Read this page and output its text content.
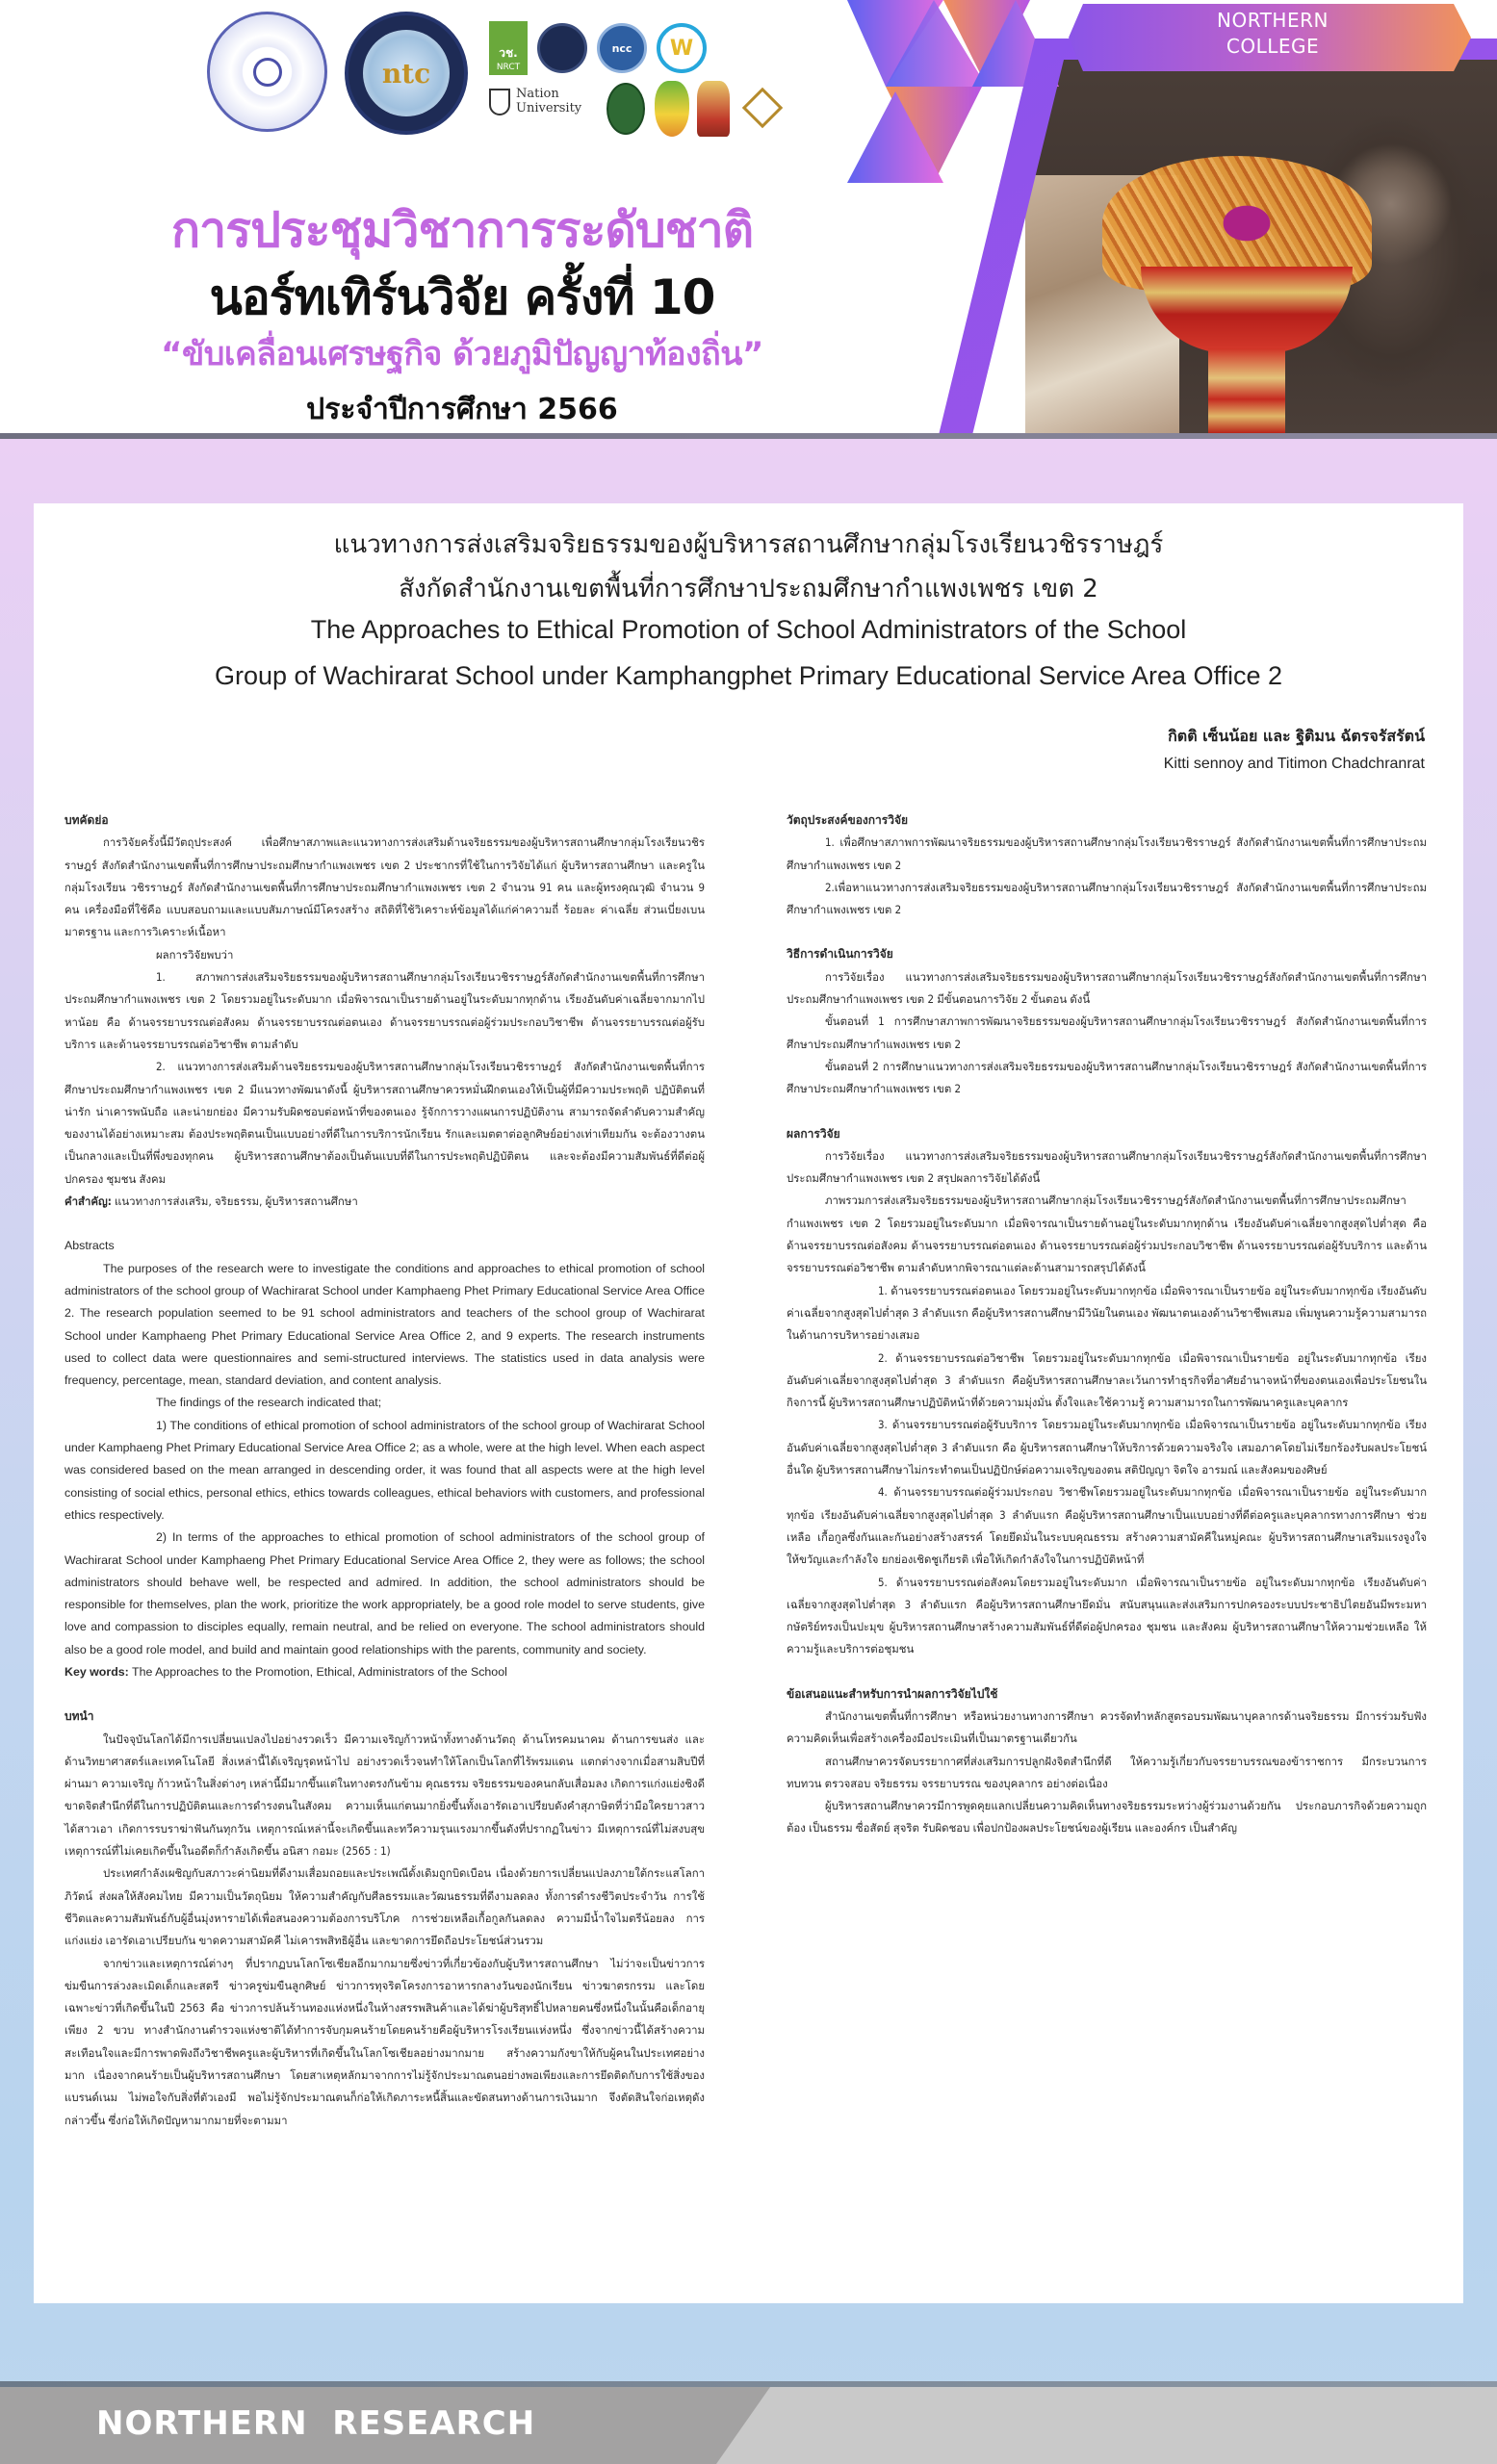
ntc
วช.
NRCT
ncc W
Nation
University
การประชุมวิชาการระดับชาติ
นอร์ทเทิร์นวิจัย ครั้งที่ 10
“ขับเคลื่อนเศรษฐกิจ ด้วยภูมิปัญญาท้องถิ่น”
ประจำปีการศึกษา 2566
NORTHERN
COLLEGE
แนวทางการส่งเสริมจริยธรรมของผู้บริหารสถานศึกษากลุ่มโรงเรียนวชิรราษฎร์
สังกัดสำนักงานเขตพื้นที่การศึกษาประถมศึกษากำแพงเพชร เขต 2
The Approaches to Ethical Promotion of School Administrators of the School
Group of Wachirarat School under Kamphangphet Primary Educational Service Area Office 2
กิตติ เซ็นน้อย และ ฐิติมน ฉัตรจรัสรัตน์
Kitti sennoy and Titimon Chadchranrat
บทคัดย่อ
การวิจัยครั้งนี้มีวัตถุประสงค์ เพื่อศึกษาสภาพและแนวทางการส่งเสริมด้านจริยธรรมของผู้บริหารสถานศึกษากลุ่มโรงเรียนวชิรราษฎร์ สังกัดสำนักงานเขตพื้นที่การศึกษาประถมศึกษากำแพงเพชร เขต 2 ประชากรที่ใช้ในการวิจัยได้แก่ ผู้บริหารสถานศึกษา และครูในกลุ่มโรงเรียน วชิรราษฎร์ สังกัดสำนักงานเขตพื้นที่การศึกษาประถมศึกษากำแพงเพชร เขต 2 จำนวน 91 คน และผู้ทรงคุณวุฒิ จำนวน 9 คน เครื่องมือที่ใช้คือ แบบสอบถามและแบบสัมภาษณ์มีโครงสร้าง สถิติที่ใช้วิเคราะห์ข้อมูลได้แก่ค่าความถี่ ร้อยละ ค่าเฉลี่ย ส่วนเบี่ยงเบนมาตรฐาน และการวิเคราะห์เนื้อหา
ผลการวิจัยพบว่า
1. สภาพการส่งเสริมจริยธรรมของผู้บริหารสถานศึกษากลุ่มโรงเรียนวชิรราษฎร์สังกัดสำนักงานเขตพื้นที่การศึกษาประถมศึกษากำแพงเพชร เขต 2 โดยรวมอยู่ในระดับมาก เมื่อพิจารณาเป็นรายด้านอยู่ในระดับมากทุกด้าน เรียงอันดับค่าเฉลี่ยจากมากไปหาน้อย คือ ด้านจรรยาบรรณต่อสังคม ด้านจรรยาบรรณต่อตนเอง ด้านจรรยาบรรณต่อผู้ร่วมประกอบวิชาชีพ ด้านจรรยาบรรณต่อผู้รับบริการ และด้านจรรยาบรรณต่อวิชาชีพ ตามลำดับ
2. แนวทางการส่งเสริมด้านจริยธรรมของผู้บริหารสถานศึกษากลุ่มโรงเรียนวชิรราษฎร์ สังกัดสำนักงานเขตพื้นที่การศึกษาประถมศึกษากำแพงเพชร เขต 2 มีแนวทางพัฒนาดังนี้ ผู้บริหารสถานศึกษาควรหมั่นฝึกตนเองให้เป็นผู้ที่มีความประพฤติ ปฏิบัติตนที่น่ารัก น่าเคารพนับถือ และน่ายกย่อง มีความรับผิดชอบต่อหน้าที่ของตนเอง รู้จักการวางแผนการปฏิบัติงาน สามารถจัดลำดับความสำคัญของงานได้อย่างเหมาะสม ต้องประพฤติตนเป็นแบบอย่างที่ดีในการบริการนักเรียน รักและเมตตาต่อลูกศิษย์อย่างเท่าเทียมกัน จะต้องวางตนเป็นกลางและเป็นที่พึ่งของทุกคน ผู้บริหารสถานศึกษาต้องเป็นต้นแบบที่ดีในการประพฤติปฏิบัติตน และจะต้องมีความสัมพันธ์ที่ดีต่อผู้ปกครอง ชุมชน สังคม
คำสำคัญ: แนวทางการส่งเสริม, จริยธรรม, ผู้บริหารสถานศึกษา
Abstracts
The purposes of the research were to investigate the conditions and approaches to ethical promotion of school administrators of the school group of Wachirarat School under Kamphaeng Phet Primary Educational Service Area Office 2. The research population seemed to be 91 school administrators and teachers of the school group of Wachirarat School under Kamphaeng Phet Primary Educational Service Area Office 2, and 9 experts. The research instruments used to collect data were questionnaires and semi-structured interviews. The statistics used in data analysis were frequency, percentage, mean, standard deviation, and content analysis.
The findings of the research indicated that;
1) The conditions of ethical promotion of school administrators of the school group of Wachirarat School under Kamphaeng Phet Primary Educational Service Area Office 2; as a whole, were at the high level. When each aspect was considered based on the mean arranged in descending order, it was found that all aspects were at the high level consisting of social ethics, personal ethics, ethics towards colleagues, ethical behaviors with customers, and professional ethics respectively.
2) In terms of the approaches to ethical promotion of school administrators of the school group of Wachirarat School under Kamphaeng Phet Primary Educational Service Area Office 2, they were as follows; the school administrators should behave well, be respected and admired. In addition, the school administrators should be responsible for themselves, plan the work, prioritize the work appropriately, be a good role model to serve students, give love and compassion to disciples equally, remain neutral, and be relied on everyone. The school administrators should also be a good role model, and build and maintain good relationships with the parents, community and society.
Key words: The Approaches to the Promotion, Ethical, Administrators of the School
บทนำ
ในปัจจุบันโลกได้มีการเปลี่ยนแปลงไปอย่างรวดเร็ว มีความเจริญก้าวหน้าทั้งทางด้านวัตถุ ด้านโทรคมนาคม ด้านการขนส่ง และด้านวิทยาศาสตร์และเทคโนโลยี สิ่งเหล่านี้ได้เจริญรุดหน้าไป อย่างรวดเร็วจนทำให้โลกเป็นโลกที่ไร้พรมแดน แตกต่างจากเมื่อสามสิบปีที่ผ่านมา ความเจริญ ก้าวหน้าในสิ่งต่างๆ เหล่านี้มีมากขึ้นแต่ในทางตรงกันข้าม คุณธรรม จริยธรรมของคนกลับเสื่อมลง เกิดการแก่งแย่งชิงดี ขาดจิตสำนึกที่ดีในการปฏิบัติตนและการดำรงตนในสังคม ความเห็นแก่ตนมากยิ่งขึ้นทั้งเอารัดเอาเปรียบดังคำสุภาษิตที่ว่ามือใครยาวสาวได้สาวเอา เกิดการรบราฆ่าฟันกันทุกวัน เหตุการณ์เหล่านี้จะเกิดขึ้นและทวีความรุนแรงมากขึ้นดังที่ปรากฏในข่าว มีเหตุการณ์ที่ไม่สงบสุข เหตุการณ์ที่ไม่เคยเกิดขึ้นในอดีตก็กำลังเกิดขึ้น อนิสา กอมะ (2565 : 1)
ประเทศกำลังเผชิญกับสภาวะค่านิยมที่ดีงามเสื่อมถอยและประเพณีดั้งเดิมถูกบิดเบือน เนื่องด้วยการเปลี่ยนแปลงภายใต้กระแสโลกาภิวัตน์ ส่งผลให้สังคมไทย มีความเป็นวัตถุนิยม ให้ความสำคัญกับศีลธรรมและวัฒนธรรมที่ดีงามลดลง ทั้งการดำรงชีวิตประจำวัน การใช้ชีวิตและความสัมพันธ์กับผู้อื่นมุ่งหารายได้เพื่อสนองความต้องการบริโภค การช่วยเหลือเกื้อกูลกันลดลง ความมีน้ำใจไมตรีน้อยลง การแก่งแย่ง เอารัดเอาเปรียบกัน ขาดความสามัคคี ไม่เคารพสิทธิผู้อื่น และขาดการยึดถือประโยชน์ส่วนรวม
จากข่าวและเหตุการณ์ต่างๆ ที่ปรากฏบนโลกโซเชียลอีกมากมายซึ่งข่าวที่เกี่ยวข้องกับผู้บริหารสถานศึกษา ไม่ว่าจะเป็นข่าวการข่มขืนการล่วงละเมิดเด็กและสตรี ข่าวครูข่มขืนลูกศิษย์ ข่าวการทุจริตโครงการอาหารกลางวันของนักเรียน ข่าวฆาตรกรรม และโดยเฉพาะข่าวที่เกิดขึ้นในปี 2563 คือ ข่าวการปล้นร้านทองแห่งหนึ่งในห้างสรรพสินค้าและได้ฆ่าผู้บริสุทธิ์ไปหลายคนซึ่งหนึ่งในนั้นคือเด็กอายุเพียง 2 ขวบ ทางสำนักงานตำรวจแห่งชาติได้ทำการจับกุมคนร้ายโดยคนร้ายคือผู้บริหารโรงเรียนแห่งหนึ่ง ซึ่งจากข่าวนี้ได้สร้างความสะเทือนใจและมีการพาดพิงถึงวิชาชีพครูและผู้บริหารที่เกิดขึ้นในโลกโซเชียลอย่างมากมาย สร้างความกังขาให้กับผู้คนในประเทศอย่างมาก เนื่องจากคนร้ายเป็นผู้บริหารสถานศึกษา โดยสาเหตุหลักมาจากการไม่รู้จักประมาณตนอย่างพอเพียงและการยึดติดกับการใช้สิ่งของแบรนด์เนม ไม่พอใจกับสิ่งที่ตัวเองมี พอไม่รู้จักประมาณตนก็ก่อให้เกิดภาระหนี้สิ้นและขัดสนทางด้านการเงินมาก จึงตัดสินใจก่อเหตุดังกล่าวขึ้น ซึ่งก่อให้เกิดปัญหามากมายที่จะตามมา
วัตถุประสงค์ของการวิจัย
1. เพื่อศึกษาสภาพการพัฒนาจริยธรรมของผู้บริหารสถานศึกษากลุ่มโรงเรียนวชิรราษฎร์ สังกัดสำนักงานเขตพื้นที่การศึกษาประถมศึกษากำแพงเพชร เขต 2
2.เพื่อหาแนวทางการส่งเสริมจริยธรรมของผู้บริหารสถานศึกษากลุ่มโรงเรียนวชิรราษฎร์ สังกัดสำนักงานเขตพื้นที่การศึกษาประถมศึกษากำแพงเพชร เขต 2
วิธีการดำเนินการวิจัย
การวิจัยเรื่อง แนวทางการส่งเสริมจริยธรรมของผู้บริหารสถานศึกษากลุ่มโรงเรียนวชิรราษฎร์สังกัดสำนักงานเขตพื้นที่การศึกษาประถมศึกษากำแพงเพชร เขต 2 มีขั้นตอนการวิจัย 2 ขั้นตอน ดังนี้
ขั้นตอนที่ 1 การศึกษาสภาพการพัฒนาจริยธรรมของผู้บริหารสถานศึกษากลุ่มโรงเรียนวชิรราษฎร์ สังกัดสำนักงานเขตพื้นที่การศึกษาประถมศึกษากำแพงเพชร เขต 2
ขั้นตอนที่ 2 การศึกษาแนวทางการส่งเสริมจริยธรรมของผู้บริหารสถานศึกษากลุ่มโรงเรียนวชิรราษฎร์ สังกัดสำนักงานเขตพื้นที่การศึกษาประถมศึกษากำแพงเพชร เขต 2
ผลการวิจัย
การวิจัยเรื่อง แนวทางการส่งเสริมจริยธรรมของผู้บริหารสถานศึกษากลุ่มโรงเรียนวชิรราษฎร์สังกัดสำนักงานเขตพื้นที่การศึกษาประถมศึกษากำแพงเพชร เขต 2 สรุปผลการวิจัยได้ดังนี้
ภาพรวมการส่งเสริมจริยธรรมของผู้บริหารสถานศึกษากลุ่มโรงเรียนวชิรราษฎร์สังกัดสำนักงานเขตพื้นที่การศึกษาประถมศึกษากำแพงเพชร เขต 2 โดยรวมอยู่ในระดับมาก เมื่อพิจารณาเป็นรายด้านอยู่ในระดับมากทุกด้าน เรียงอันดับค่าเฉลี่ยจากสูงสุดไปต่ำสุด คือ ด้านจรรยาบรรณต่อสังคม ด้านจรรยาบรรณต่อตนเอง ด้านจรรยาบรรณต่อผู้ร่วมประกอบวิชาชีพ ด้านจรรยาบรรณต่อผู้รับบริการ และด้านจรรยาบรรณต่อวิชาชีพ ตามลำดับหากพิจารณาแต่ละด้านสามารถสรุปได้ดังนี้
1. ด้านจรรยาบรรณต่อตนเอง โดยรวมอยู่ในระดับมากทุกข้อ เมื่อพิจารณาเป็นรายข้อ อยู่ในระดับมากทุกข้อ เรียงอันดับค่าเฉลี่ยจากสูงสุดไปต่ำสุด 3 ลำดับแรก คือผู้บริหารสถานศึกษามีวินัยในตนเอง พัฒนาตนเองด้านวิชาชีพเสมอ เพิ่มพูนความรู้ความสามารถในด้านการบริหารอย่างเสมอ
2. ด้านจรรยาบรรณต่อวิชาชีพ โดยรวมอยู่ในระดับมากทุกข้อ เมื่อพิจารณาเป็นรายข้อ อยู่ในระดับมากทุกข้อ เรียงอันดับค่าเฉลี่ยจากสูงสุดไปต่ำสุด 3 ลำดับแรก คือผู้บริหารสถานศึกษาละเว้นการทำธุรกิจที่อาศัยอำนาจหน้าที่ของตนเองเพื่อประโยชนในกิจการนี้ ผู้บริหารสถานศึกษาปฏิบัติหน้าที่ด้วยความมุ่งมั่น ตั้งใจและใช้ความรู้ ความสามารถในการพัฒนาครูและบุคลากร
3. ด้านจรรยาบรรณต่อผู้รับบริการ โดยรวมอยู่ในระดับมากทุกข้อ เมื่อพิจารณาเป็นรายข้อ อยู่ในระดับมากทุกข้อ เรียงอันดับค่าเฉลี่ยจากสูงสุดไปต่ำสุด 3 ลำดับแรก คือ ผู้บริหารสถานศึกษาให้บริการด้วยความจริงใจ เสมอภาคโดยไม่เรียกร้องรับผลประโยชน์อื่นใด ผู้บริหารสถานศึกษาไม่กระทำตนเป็นปฏิปักษ์ต่อความเจริญของตน สติปัญญา จิตใจ อารมณ์ และสังคมของศิษย์
4. ด้านจรรยาบรรณต่อผู้ร่วมประกอบ วิชาชีพโดยรวมอยู่ในระดับมากทุกข้อ เมื่อพิจารณาเป็นรายข้อ อยู่ในระดับมากทุกข้อ เรียงอันดับค่าเฉลี่ยจากสูงสุดไปต่ำสุด 3 ลำดับแรก คือผู้บริหารสถานศึกษาเป็นแบบอย่างที่ดีต่อครูและบุคลากรทางการศึกษา ช่วยเหลือ เกื้อกูลซึ่งกันและกันอย่างสร้างสรรค์ โดยยึดมั่นในระบบคุณธรรม สร้างความสามัคคีในหมู่คณะ ผู้บริหารสถานศึกษาเสริมแรงจูงใจ ให้ขวัญและกำลังใจ ยกย่องเชิดชูเกียรติ เพื่อให้เกิดกำลังใจในการปฏิบัติหน้าที่
5. ด้านจรรยาบรรณต่อสังคมโดยรวมอยู่ในระดับมาก เมื่อพิจารณาเป็นรายข้อ อยู่ในระดับมากทุกข้อ เรียงอันดับค่าเฉลี่ยจากสูงสุดไปต่ำสุด 3 ลำดับแรก คือผู้บริหารสถานศึกษายึดมั่น สนับสนุนและส่งเสริมการปกครองระบบประชาธิปไตยอันมีพระมหากษัตริย์ทรงเป็นปะมุข ผู้บริหารสถานศึกษาสร้างความสัมพันธ์ที่ดีต่อผู้ปกครอง ชุมชน และสังคม ผู้บริหารสถานศึกษาให้ความช่วยเหลือ ให้ความรู้และบริการต่อชุมชน
ข้อเสนอแนะสำหรับการนำผลการวิจัยไปใช้
สำนักงานเขตพื้นที่การศึกษา หรือหน่วยงานทางการศึกษา ควรจัดทำหลักสูตรอบรมพัฒนาบุคลากรด้านจริยธรรม มีการร่วมรับฟังความคิดเห็นเพื่อสร้างเครื่องมือประเมินที่เป็นมาตรฐานเดียวกัน
สถานศึกษาควรจัดบรรยากาศที่ส่งเสริมการปลูกฝังจิตสำนึกที่ดี ให้ความรู้เกี่ยวกับจรรยาบรรณของข้าราชการ มีกระบวนการทบทวน ตรวจสอบ จริยธรรม จรรยาบรรณ ของบุคลากร อย่างต่อเนื่อง
ผู้บริหารสถานศึกษาควรมีการพูดคุยแลกเปลี่ยนความคิดเห็นทางจริยธรรมระหว่างผู้ร่วมงานด้วยกัน ประกอบภารกิจด้วยความถูกต้อง เป็นธรรม ซื่อสัตย์ สุจริต รับผิดชอบ เพื่อปกป้องผลประโยชน์ของผู้เรียน และองค์กร เป็นสำคัญ
NORTHERN  RESEARCH
